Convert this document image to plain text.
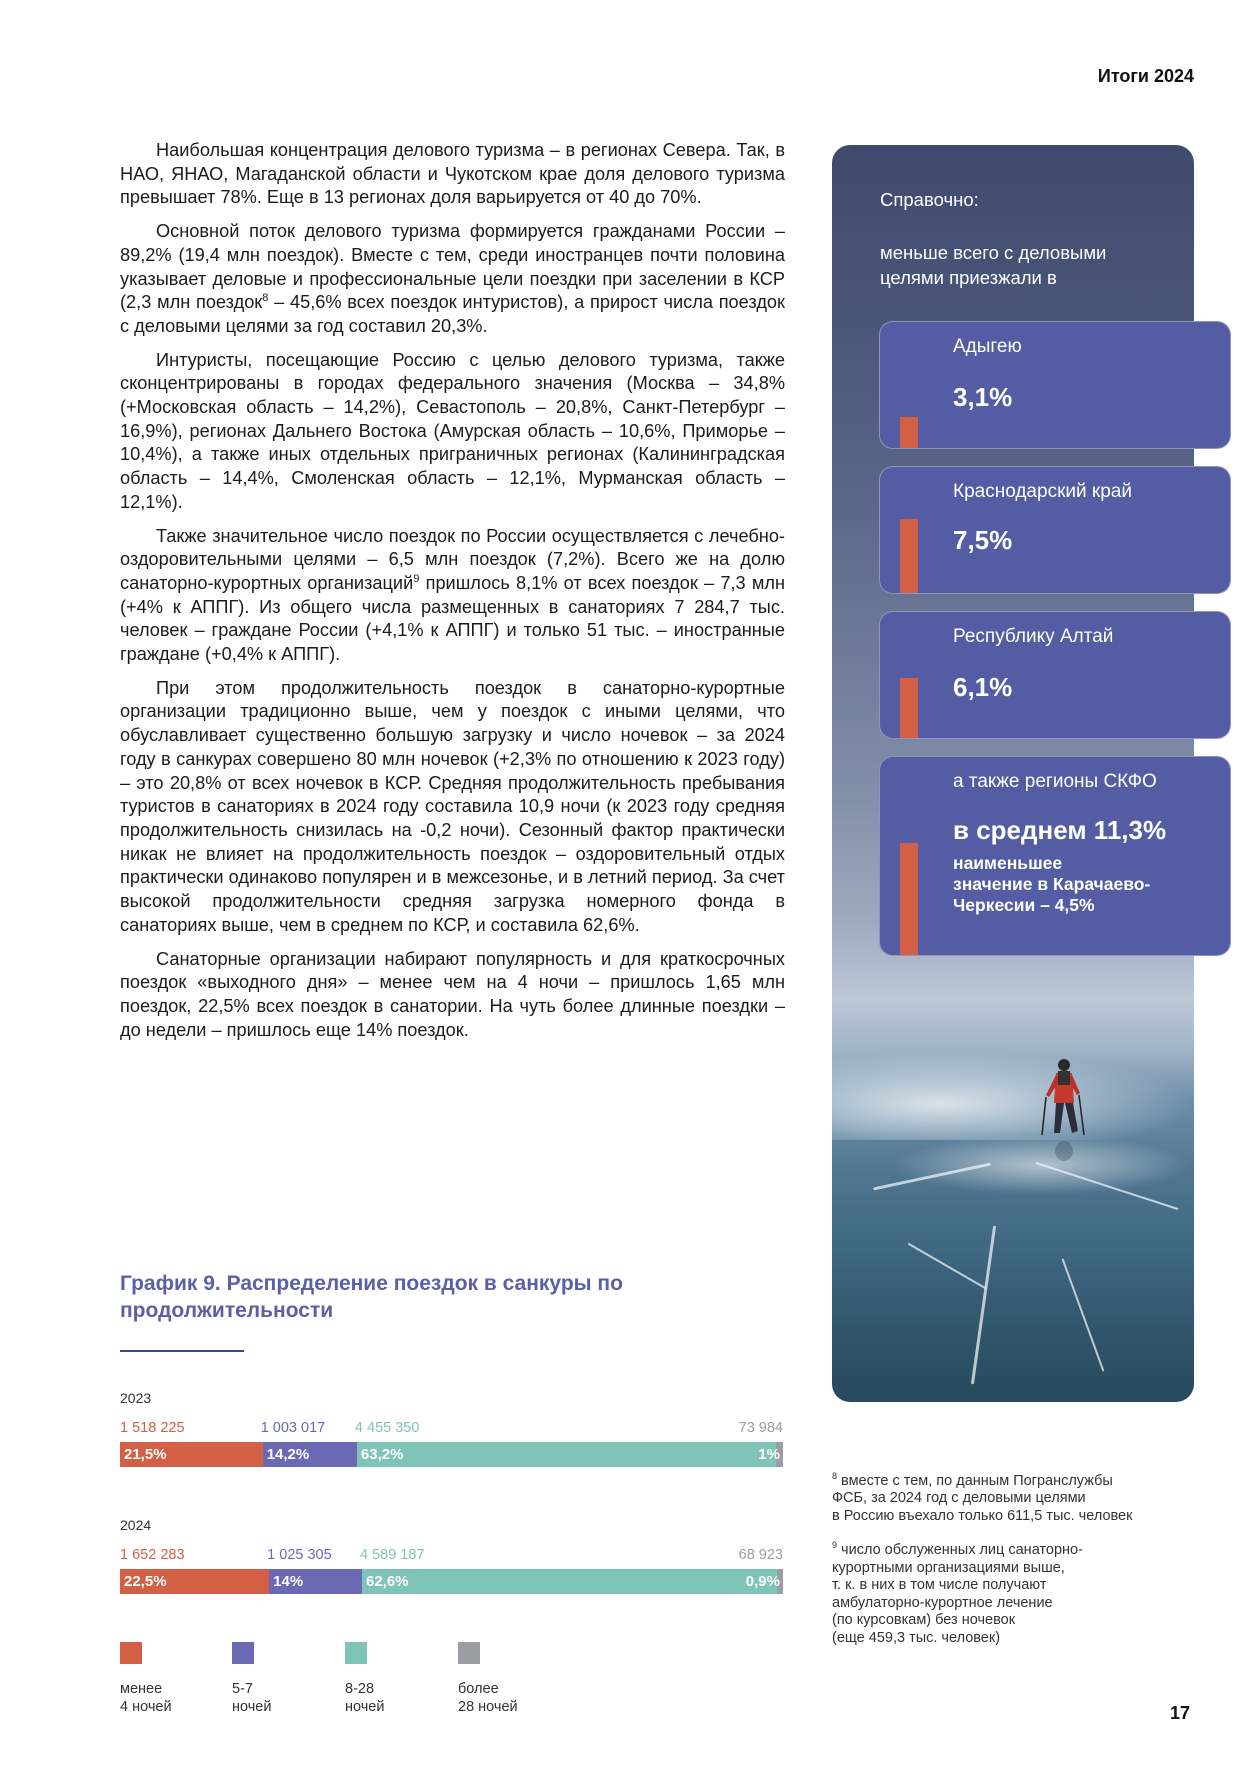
Итоги 2024

Наибольшая концентрация делового туризма – в регионах Севера. Так, в НАО, ЯНАО, Магаданской области и Чукотском крае доля делового туризма превышает 78%. Еще в 13 регионах доля варьируется от 40 до 70%.

Основной поток делового туризма формируется гражданами России – 89,2% (19,4 млн поездок). Вместе с тем, среди иностранцев почти половина указывает деловые и профессиональные цели поездки при заселении в КСР (2,3 млн поездок$^8$ – 45,6% всех поездок интуристов), а прирост числа поездок с деловыми целями за год составил 20,3%.

Интуристы, посещающие Россию с целью делового туризма, также сконцентрированы в городах федерального значения (Москва – 34,8% (+Московская область – 14,2%), Севастополь – 20,8%, Санкт-Петербург – 16,9%), регионах Дальнего Востока (Амурская область – 10,6%, Приморье – 10,4%), а также иных отдельных приграничных регионах (Калининградская область – 14,4%, Смоленская область – 12,1%, Мурманская область – 12,1%).

Также значительное число поездок по России осуществляется с лечебно-оздоровительными целями – 6,5 млн поездок (7,2%). Всего же на долю санаторно-курортных организаций$^9$ пришлось 8,1% от всех поездок – 7,3 млн (+4% к АППГ). Из общего числа размещенных в санаториях 7 284,7 тыс. человек – граждане России (+4,1% к АППГ) и только 51 тыс. – иностранные граждане (+0,4% к АППГ).

При этом продолжительность поездок в санаторно-курортные организации традиционно выше, чем у поездок с иными целями, что обуславливает существенно большую загрузку и число ночевок – за 2024 году в санкурах совершено 80 млн ночевок (+2,3% по отношению к 2023 году) – это 20,8% от всех ночевок в КСР. Средняя продолжительность пребывания туристов в санаториях в 2024 году составила 10,9 ночи (к 2023 году средняя продолжительность снизилась на -0,2 ночи). Сезонный фактор практически никак не влияет на продолжительность поездок – оздоровительный отдых практически одинаково популярен и в межсезонье, и в летний период. За счет высокой продолжительности средняя загрузка номерного фонда в санаториях выше, чем в среднем по КСР, и составила 62,6%.

Санаторные организации набирают популярность и для краткосрочных поездок «выходного дня» – менее чем на 4 ночи – пришлось 1,65 млн поездок, 22,5% всех поездок в санатории. На чуть более длинные поездки – до недели – пришлось еще 14% поездок.

График 9. Распределение поездок в санкуры по продолжительности
2023
1 518 225	1 003 017 4 455 350	73 984
21,5%	14,2%	63,2%	1%
2024
1 652 283	1 025 305 4 589 187	68 923
22,5%	14%	62,6%	0,9%
менее
4 ночей
5-7
ночей
8-28
ночей
более
28 ночей
Справочно:
меньше всего с деловыми целями приезжали в
Адыгею
3,1%
Краснодарский край
7,5%
Республику Алтай
6,1%
а также регионы СКФО
в среднем 11,3%
наименьшее
значение в Карачаево-
Черкесии – 4,5%

$^8$ вместе с тем, по данным Погранслужбы
ФСБ, за 2024 год с деловыми целями
в Россию въехало только 611,5 тыс. человек

$^9$ число обслуженных лиц санаторно-
курортными организациями выше,
т. к. в них в том числе получают
амбулаторно-курортное лечение
(по курсовкам) без ночевок
(еще 459,3 тыс. человек)

17
